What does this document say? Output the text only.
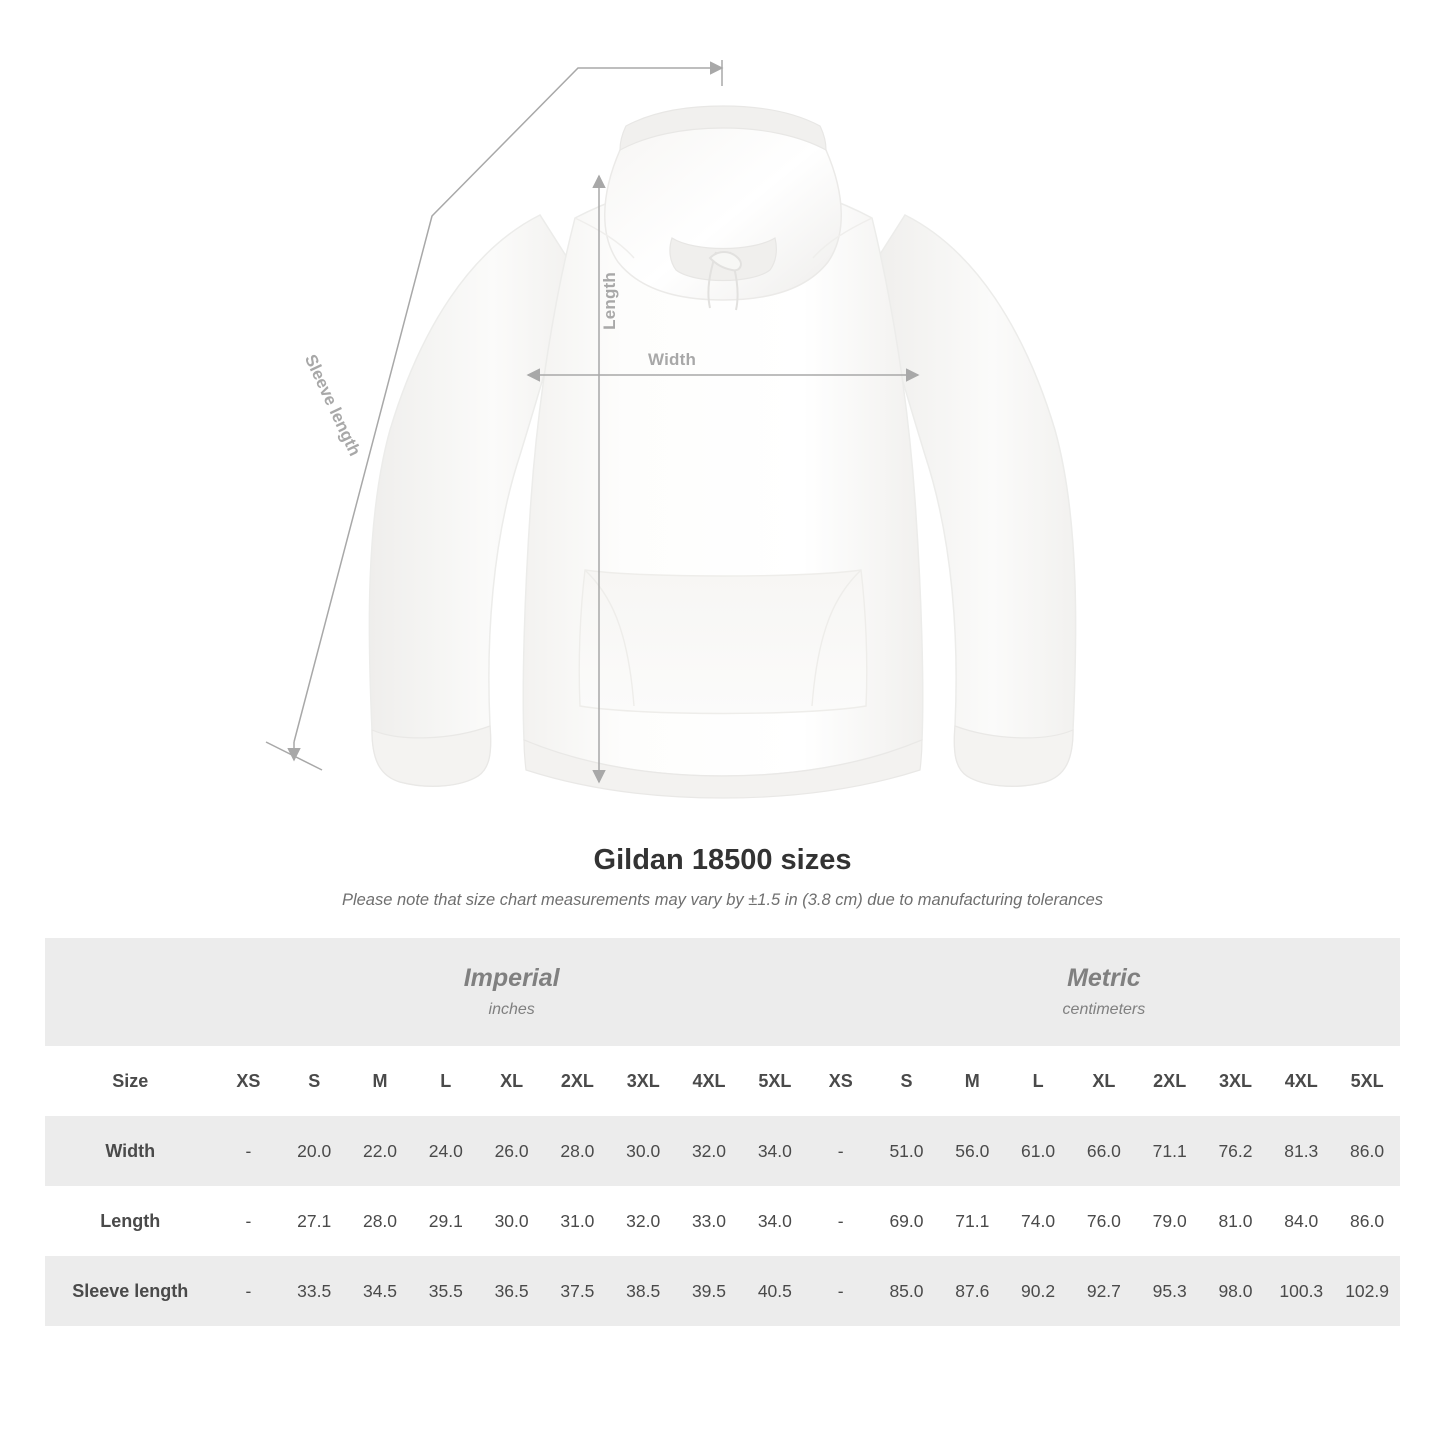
Width
Length
Sleeve length
Gildan 18500 sizes

Please note that size chart measurements may vary by ±1.5 in (3.8 cm) due to manufacturing tolerances

	Imperial
inches									Metric
centimeters								

Size	XS	S	M	L	XL	2XL	3XL	4XL	5XL	XS	S	M	L	XL	2XL	3XL	4XL	5XL
Width	-	20.0	22.0	24.0	26.0	28.0	30.0	32.0	34.0	-	51.0	56.0	61.0	66.0	71.1	76.2	81.3	86.0
Length	-	27.1	28.0	29.1	30.0	31.0	32.0	33.0	34.0	-	69.0	71.1	74.0	76.0	79.0	81.0	84.0	86.0
Sleeve length	-	33.5	34.5	35.5	36.5	37.5	38.5	39.5	40.5	-	85.0	87.6	90.2	92.7	95.3	98.0	100.3	102.9
